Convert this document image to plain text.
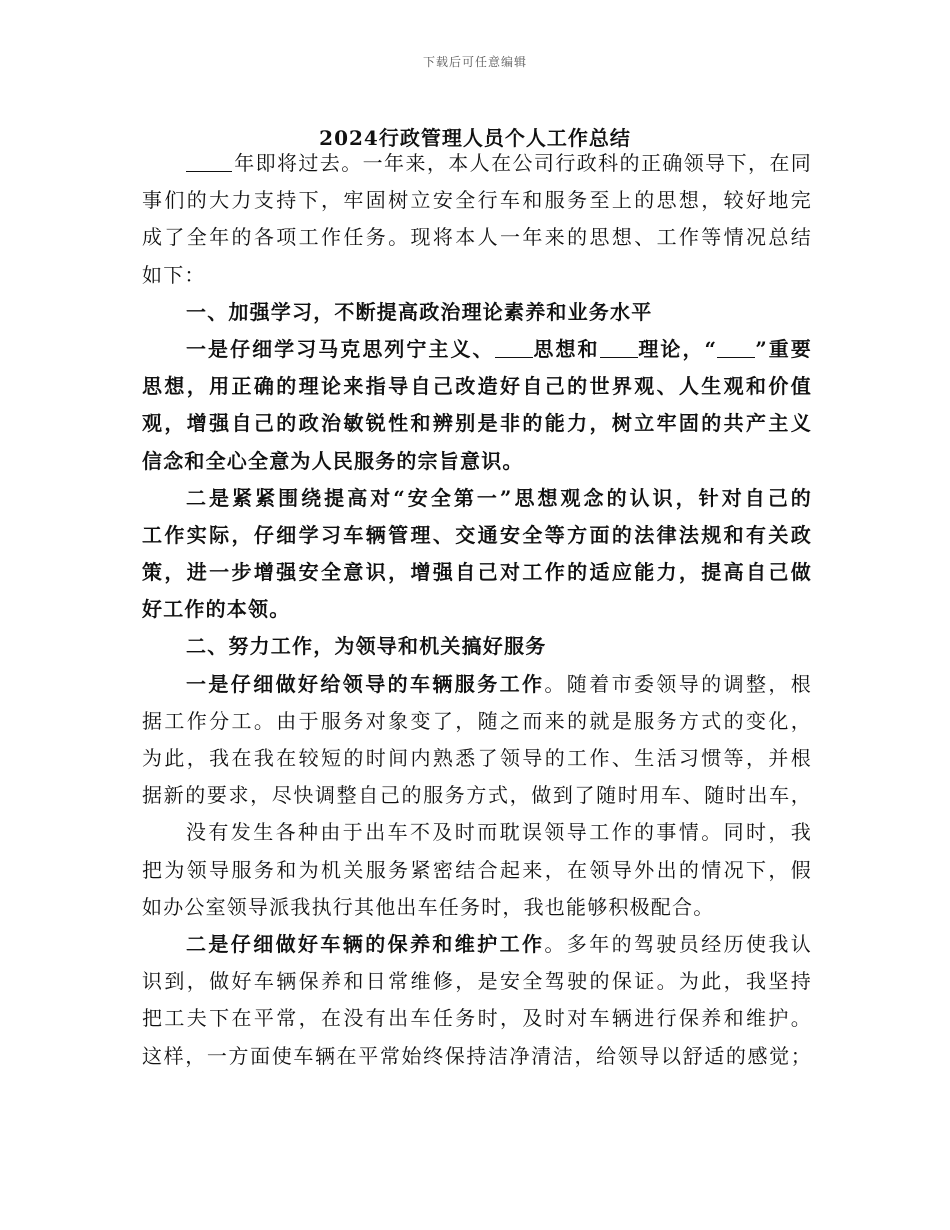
下载后可任意编辑
2024行政管理人员个人工作总结
年即将过去。一年来，本人在公司行政科的正确领导下，在同
事们的大力支持下，牢固树立安全行车和服务至上的思想，较好地完
成了全年的各项工作任务。现将本人一年来的思想、工作等情况总结
如下：
一、加强学习，不断提高政治理论素养和业务水平
一是仔细学习马克思列宁主义、 思想和 理论，“ ”重要
思想，用正确的理论来指导自己改造好自己的世界观、人生观和价值
观，增强自己的政治敏锐性和辨别是非的能力，树立牢固的共产主义
信念和全心全意为人民服务的宗旨意识。
二是紧紧围绕提高对“安全第一”思想观念的认识，针对自己的
工作实际，仔细学习车辆管理、交通安全等方面的法律法规和有关政
策，进一步增强安全意识，增强自己对工作的适应能力，提高自己做
好工作的本领。
二、努力工作，为领导和机关搞好服务
一是仔细做好给领导的车辆服务工作。随着市委领导的调整，根
据工作分工。由于服务对象变了，随之而来的就是服务方式的变化，
为此，我在我在较短的时间内熟悉了领导的工作、生活习惯等，并根
据新的要求，尽快调整自己的服务方式，做到了随时用车、随时出车，
没有发生各种由于出车不及时而耽误领导工作的事情。同时，我
把为领导服务和为机关服务紧密结合起来，在领导外出的情况下，假
如办公室领导派我执行其他出车任务时，我也能够积极配合。
二是仔细做好车辆的保养和维护工作。多年的驾驶员经历使我认
识到，做好车辆保养和日常维修，是安全驾驶的保证。为此，我坚持
把工夫下在平常，在没有出车任务时，及时对车辆进行保养和维护。
这样，一方面使车辆在平常始终保持洁净清洁，给领导以舒适的感觉；
